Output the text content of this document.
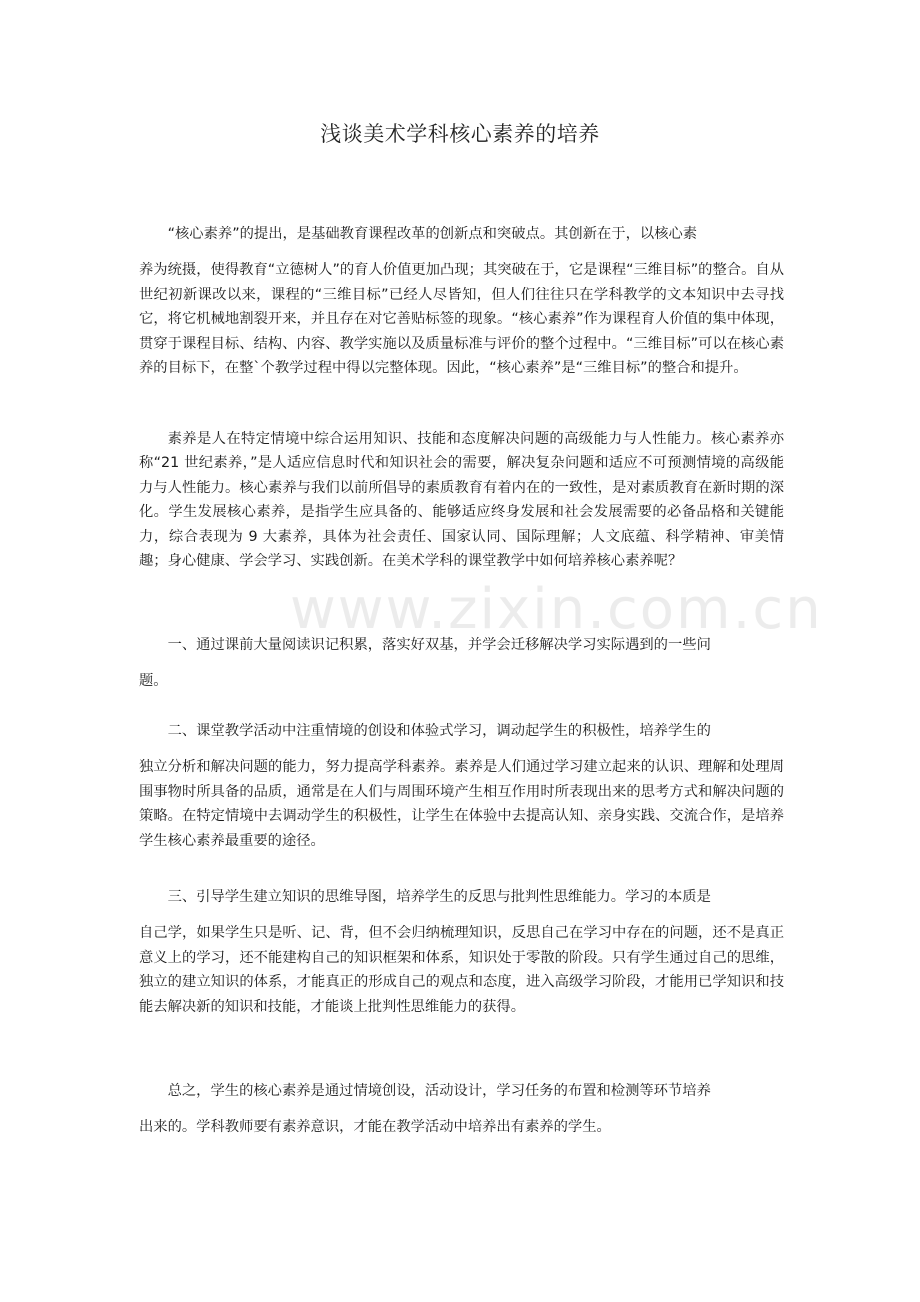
浅谈美术学科核心素养的培养
www.zixin.com.cn
“核心素养”的提出，是基础教育课程改革的创新点和突破点。其创新在于，以核心素
养为统摄，使得教育“立德树人”的育人价值更加凸现；其突破在于，它是课程“三维目标”的整合。自从世纪初新课改以来，课程的“三维目标”已经人尽皆知，但人们往往只在学科教学的文本知识中去寻找它，将它机械地割裂开来，并且存在对它善贴标签的现象。“核心素养”作为课程育人价值的集中体现，贯穿于课程目标、结构、内容、教学实施以及质量标准与评价的整个过程中。“三维目标”可以在核心素养的目标下，在整`个教学过程中得以完整体现。因此，“核心素养”是“三维目标”的整合和提升。
素养是人在特定情境中综合运用知识、技能和态度解决问题的高级能力与人性能力。核心素养亦称“21 世纪素养，”是人适应信息时代和知识社会的需要，解决复杂问题和适应不可预测情境的高级能力与人性能力。核心素养与我们以前所倡导的素质教育有着内在的一致性，是对素质教育在新时期的深化。学生发展核心素养，是指学生应具备的、能够适应终身发展和社会发展需要的必备品格和关键能力，综合表现为 9 大素养，具体为社会责任、国家认同、国际理解；人文底蕴、科学精神、审美情趣；身心健康、学会学习、实践创新。在美术学科的课堂教学中如何培养核心素养呢？
一、通过课前大量阅读识记积累，落实好双基，并学会迁移解决学习实际遇到的一些问
题。
二、课堂教学活动中注重情境的创设和体验式学习，调动起学生的积极性，培养学生的
独立分析和解决问题的能力，努力提高学科素养。素养是人们通过学习建立起来的认识、理解和处理周围事物时所具备的品质，通常是在人们与周围环境产生相互作用时所表现出来的思考方式和解决问题的策略。在特定情境中去调动学生的积极性，让学生在体验中去提高认知、亲身实践、交流合作，是培养学生核心素养最重要的途径。
三、引导学生建立知识的思维导图，培养学生的反思与批判性思维能力。学习的本质是
自己学，如果学生只是听、记、背，但不会归纳梳理知识，反思自己在学习中存在的问题，还不是真正意义上的学习，还不能建构自己的知识框架和体系，知识处于零散的阶段。只有学生通过自己的思维，独立的建立知识的体系，才能真正的形成自己的观点和态度，进入高级学习阶段，才能用已学知识和技能去解决新的知识和技能，才能谈上批判性思维能力的获得。
总之，学生的核心素养是通过情境创设，活动设计，学习任务的布置和检测等环节培养
出来的。学科教师要有素养意识，才能在教学活动中培养出有素养的学生。
